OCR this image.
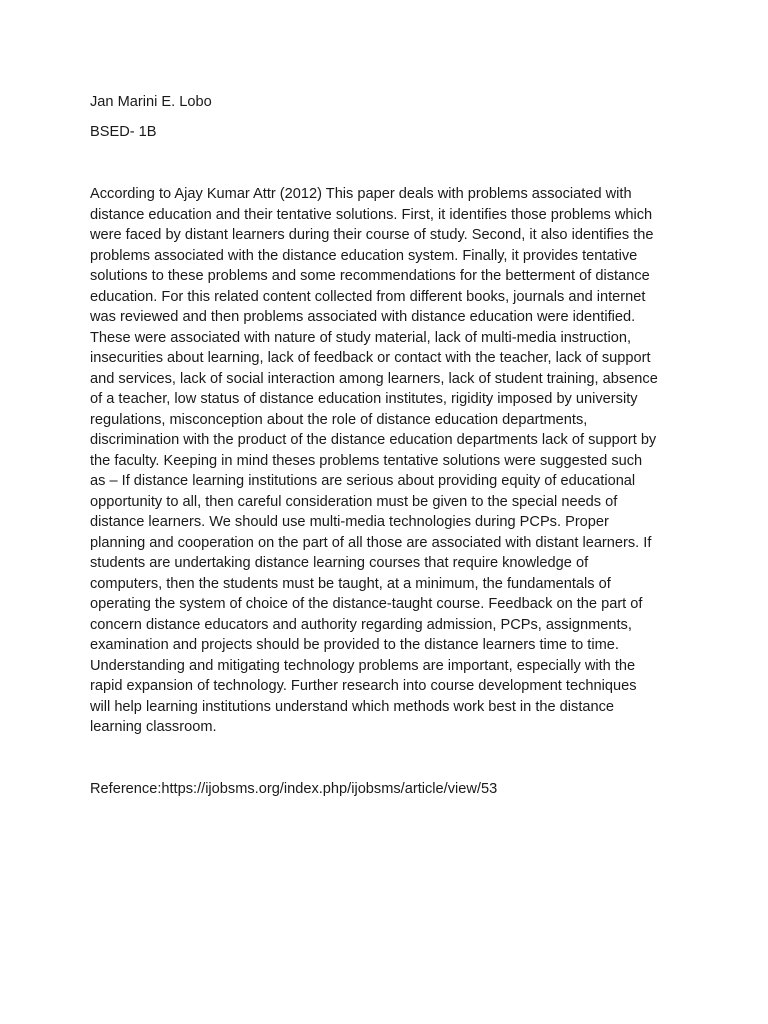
Jan Marini E. Lobo
BSED- 1B
According to Ajay Kumar Attr (2012) This paper deals with problems associated with
distance education and their tentative solutions. First, it identifies those problems which
were faced by distant learners during their course of study. Second, it also identifies the
problems associated with the distance education system. Finally, it provides tentative
solutions to these problems and some recommendations for the betterment of distance
education. For this related content collected from different books, journals and internet
was reviewed and then problems associated with distance education were identified.
These were associated with nature of study material, lack of multi-media instruction,
insecurities about learning, lack of feedback or contact with the teacher, lack of support
and services, lack of social interaction among learners, lack of student training, absence
of a teacher, low status of distance education institutes, rigidity imposed by university
regulations, misconception about the role of distance education departments,
discrimination with the product of the distance education departments lack of support by
the faculty. Keeping in mind theses problems tentative solutions were suggested such
as – If distance learning institutions are serious about providing equity of educational
opportunity to all, then careful consideration must be given to the special needs of
distance learners. We should use multi-media technologies during PCPs. Proper
planning and cooperation on the part of all those are associated with distant learners. If
students are undertaking distance learning courses that require knowledge of
computers, then the students must be taught, at a minimum, the fundamentals of
operating the system of choice of the distance-taught course. Feedback on the part of
concern distance educators and authority regarding admission, PCPs, assignments,
examination and projects should be provided to the distance learners time to time.
Understanding and mitigating technology problems are important, especially with the
rapid expansion of technology. Further research into course development techniques
will help learning institutions understand which methods work best in the distance
learning classroom.
Reference:https://ijobsms.org/index.php/ijobsms/article/view/53
